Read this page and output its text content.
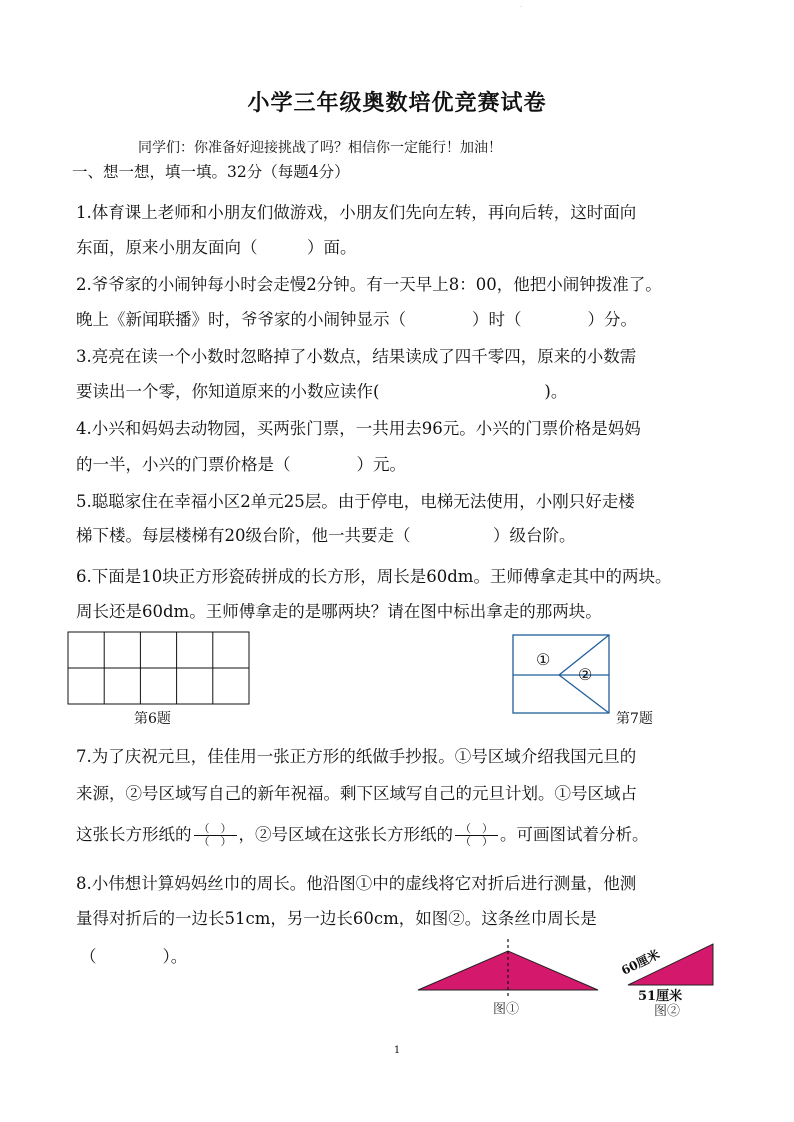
·
小学三年级奥数培优竞赛试卷
同学们：你准备好迎接挑战了吗？相信你一定能行！加油！
一、想一想，填一填。32分（每题4分）
1.体育课上老师和小朋友们做游戏，小朋友们先向左转，再向后转，这时面向
东面，原来小朋友面向（　　　）面。
2.爷爷家的小闹钟每小时会走慢2分钟。有一天早上8：00，他把小闹钟拨准了。
晚上《新闻联播》时，爷爷家的小闹钟显示（　　　　）时（　　　　）分。
3.亮亮在读一个小数时忽略掉了小数点，结果读成了四千零四，原来的小数需
要读出一个零，你知道原来的小数应读作(　　　　　　　　　　)。
4.小兴和妈妈去动物园，买两张门票，一共用去96元。小兴的门票价格是妈妈
的一半，小兴的门票价格是（　　　　）元。
5.聪聪家住在幸福小区2单元25层。由于停电，电梯无法使用，小刚只好走楼
梯下楼。每层楼梯有20级台阶，他一共要走（　　　　　）级台阶。
6.下面是10块正方形瓷砖拼成的长方形，周长是60dm。王师傅拿走其中的两块。
周长还是60dm。王师傅拿走的是哪两块？请在图中标出拿走的那两块。
第6题
①
②
第7题
7.为了庆祝元旦，佳佳用一张正方形的纸做手抄报。①号区域介绍我国元旦的
来源，②号区域写自己的新年祝福。剩下区域写自己的元旦计划。①号区域占
这张长方形纸的 $\frac{( )}{( )}$ ，②号区域在这张长方形纸的 $\frac{( )}{( )}$ 。可画图试着分析。
8.小伟想计算妈妈丝巾的周长。他沿图①中的虚线将它对折后进行测量，他测
量得对折后的一边长51cm，另一边长60cm，如图②。这条丝巾周长是
（　　　　）。
图①
60厘米
51厘米
图②
1
